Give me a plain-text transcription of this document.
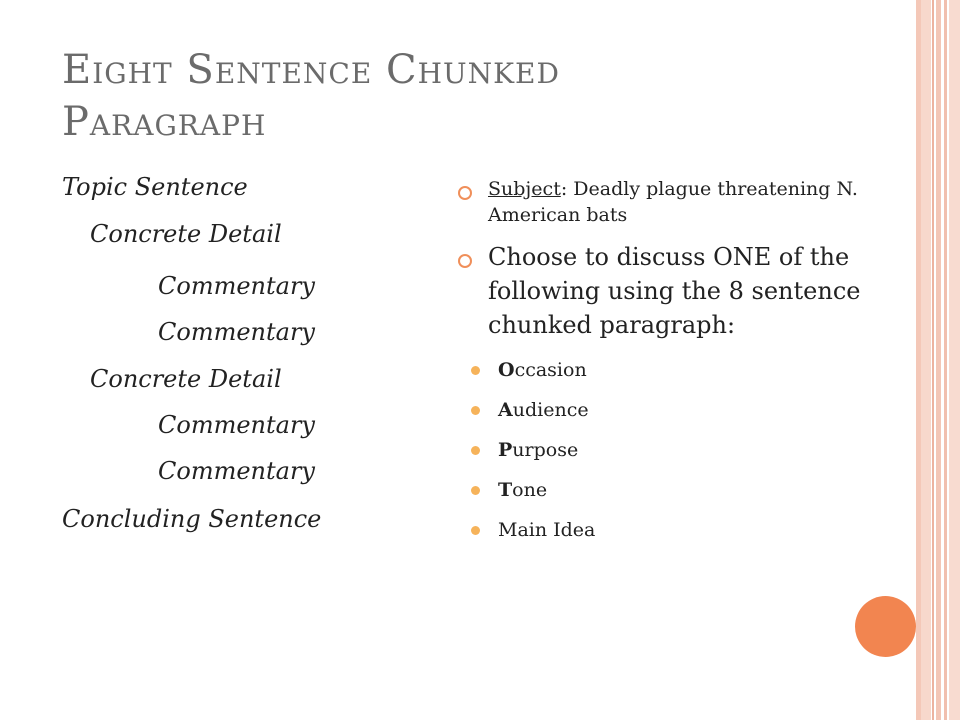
Eight Sentence Chunked
Paragraph
Topic Sentence
Concrete Detail
Commentary
Commentary
Concrete Detail
Commentary
Commentary
Concluding Sentence
Subject: Deadly plague threatening N. American bats
Choose to discuss ONE of the following using the 8 sentence chunked paragraph:
Occasion
Audience
Purpose
Tone
Main Idea
